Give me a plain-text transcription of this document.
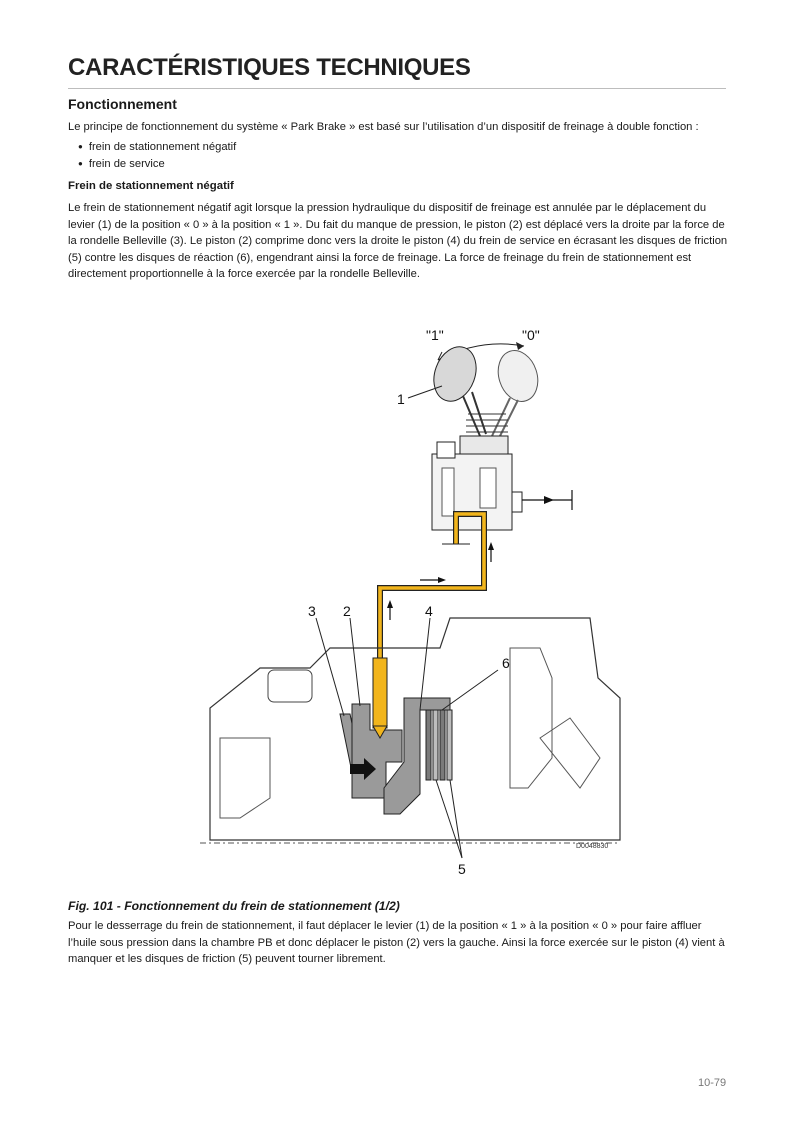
CARACTÉRISTIQUES TECHNIQUES
Fonctionnement

Le principe de fonctionnement du système « Park Brake » est basé sur l’utilisation d’un dispositif de freinage à double fonction :

● frein de stationnement négatif
● frein de service
Frein de stationnement négatif

Le frein de stationnement négatif agit lorsque la pression hydraulique du dispositif de freinage est annulée par le déplacement du levier (1) de la position « 0 » à la position « 1 ». Du fait du manque de pression, le piston (2) est déplacé vers la droite par la force de la rondelle Belleville (3). Le piston (2) comprime donc vers la droite le piston (4) du frein de service en écrasant les disques de friction (5) contre les disques de réaction (6), engendrant ainsi la force de freinage. La force de freinage du frein de stationnement est directement proportionnelle à la force exercée par la rondelle Belleville.

"1"	"0"
1
2
3	4
5
6
D0048830
Fig. 101 - Fonctionnement du frein de stationnement (1/2)

Pour le desserrage du frein de stationnement, il faut déplacer le levier (1) de la position « 1 » à la position « 0 » pour faire affluer l’huile sous pression dans la chambre PB et donc déplacer le piston (2) vers la gauche. Ainsi la force exercée sur le piston (4) vient à manquer et les disques de friction (5) peuvent tourner librement.

10-79
